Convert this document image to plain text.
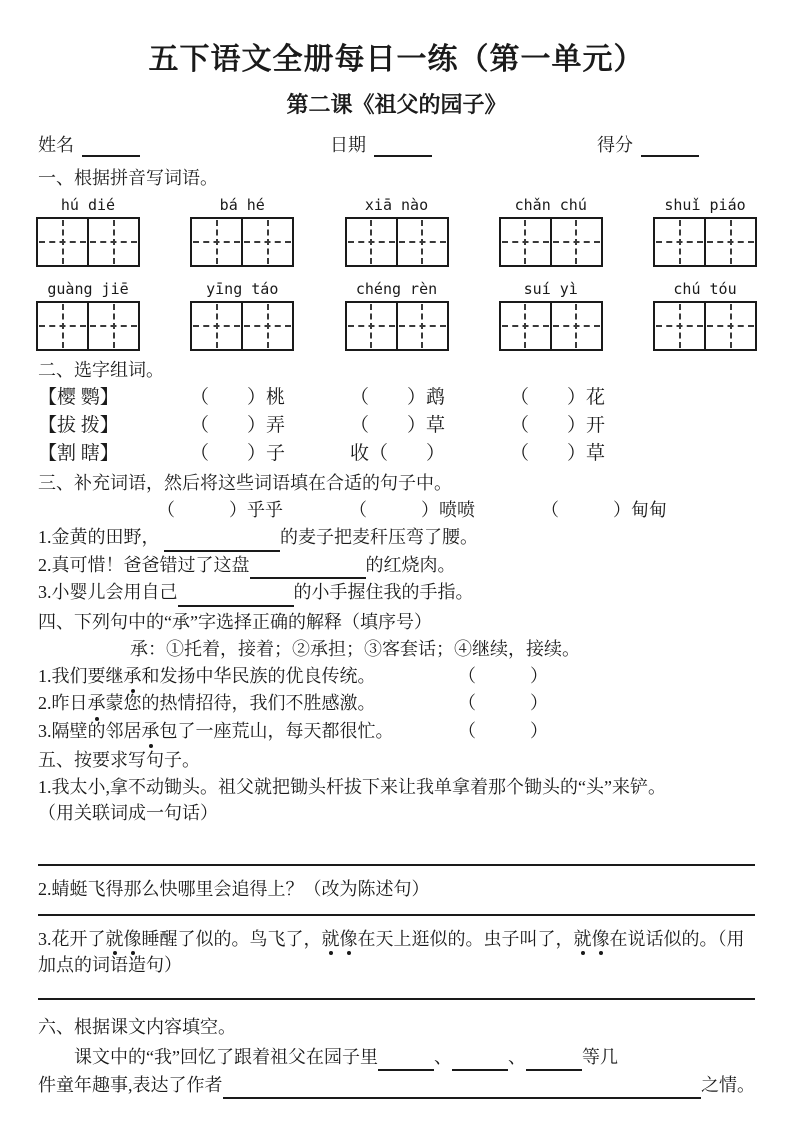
五下语文全册每日一练（第一单元）
第二课《祖父的园子》
姓名	日期	得分
一、根据拼音写词语。
hú dié	bá hé	xiā nào	chǎn chú	shuǐ piáo
guàng jiē	yīng táo	chéng rèn	suí yì	chú tóu
二、选字组词。
【樱 鹦】	（　　）桃	（　　）鹉	（　　）花
【拔 拨】	（　　）弄	（　　）草	（　　）开
【割 瞎】	（　　）子	收（　　）	（　　）草
三、补充词语，然后将这些词语填在合适的句子中。
（　　　）乎乎	（　　　）喷喷	（　　　）甸甸
1.金黄的田野，	的麦子把麦秆压弯了腰。
2.真可惜！爸爸错过了这盘	的红烧肉。
3.小婴儿会用自己	的小手握住我的手指。
四、下列句中的“承”字选择正确的解释（填序号）
承：①托着，接着；②承担；③客套话；④继续，接续。
1.我们要继承和发扬中华民族的优良传统。	（　　　）
2.昨日承蒙您的热情招待，我们不胜感激。	（　　　）
3.隔壁的邻居承包了一座荒山，每天都很忙。	（　　　）
五、按要求写句子。
1.我太小,拿不动锄头。祖父就把锄头杆拔下来让我单拿着那个锄头的“头”来铲。
（用关联词成一句话）
2.蜻蜓飞得那么快哪里会追得上？（改为陈述句）
3.花开了就像睡醒了似的。鸟飞了，就像在天上逛似的。虫子叫了，就像在说话似的。（用加点的词语造句）
六、根据课文内容填空。
课文中的“我”回忆了跟着祖父在园子里	、	、	等几
件童年趣事,表达了作者	之情。
